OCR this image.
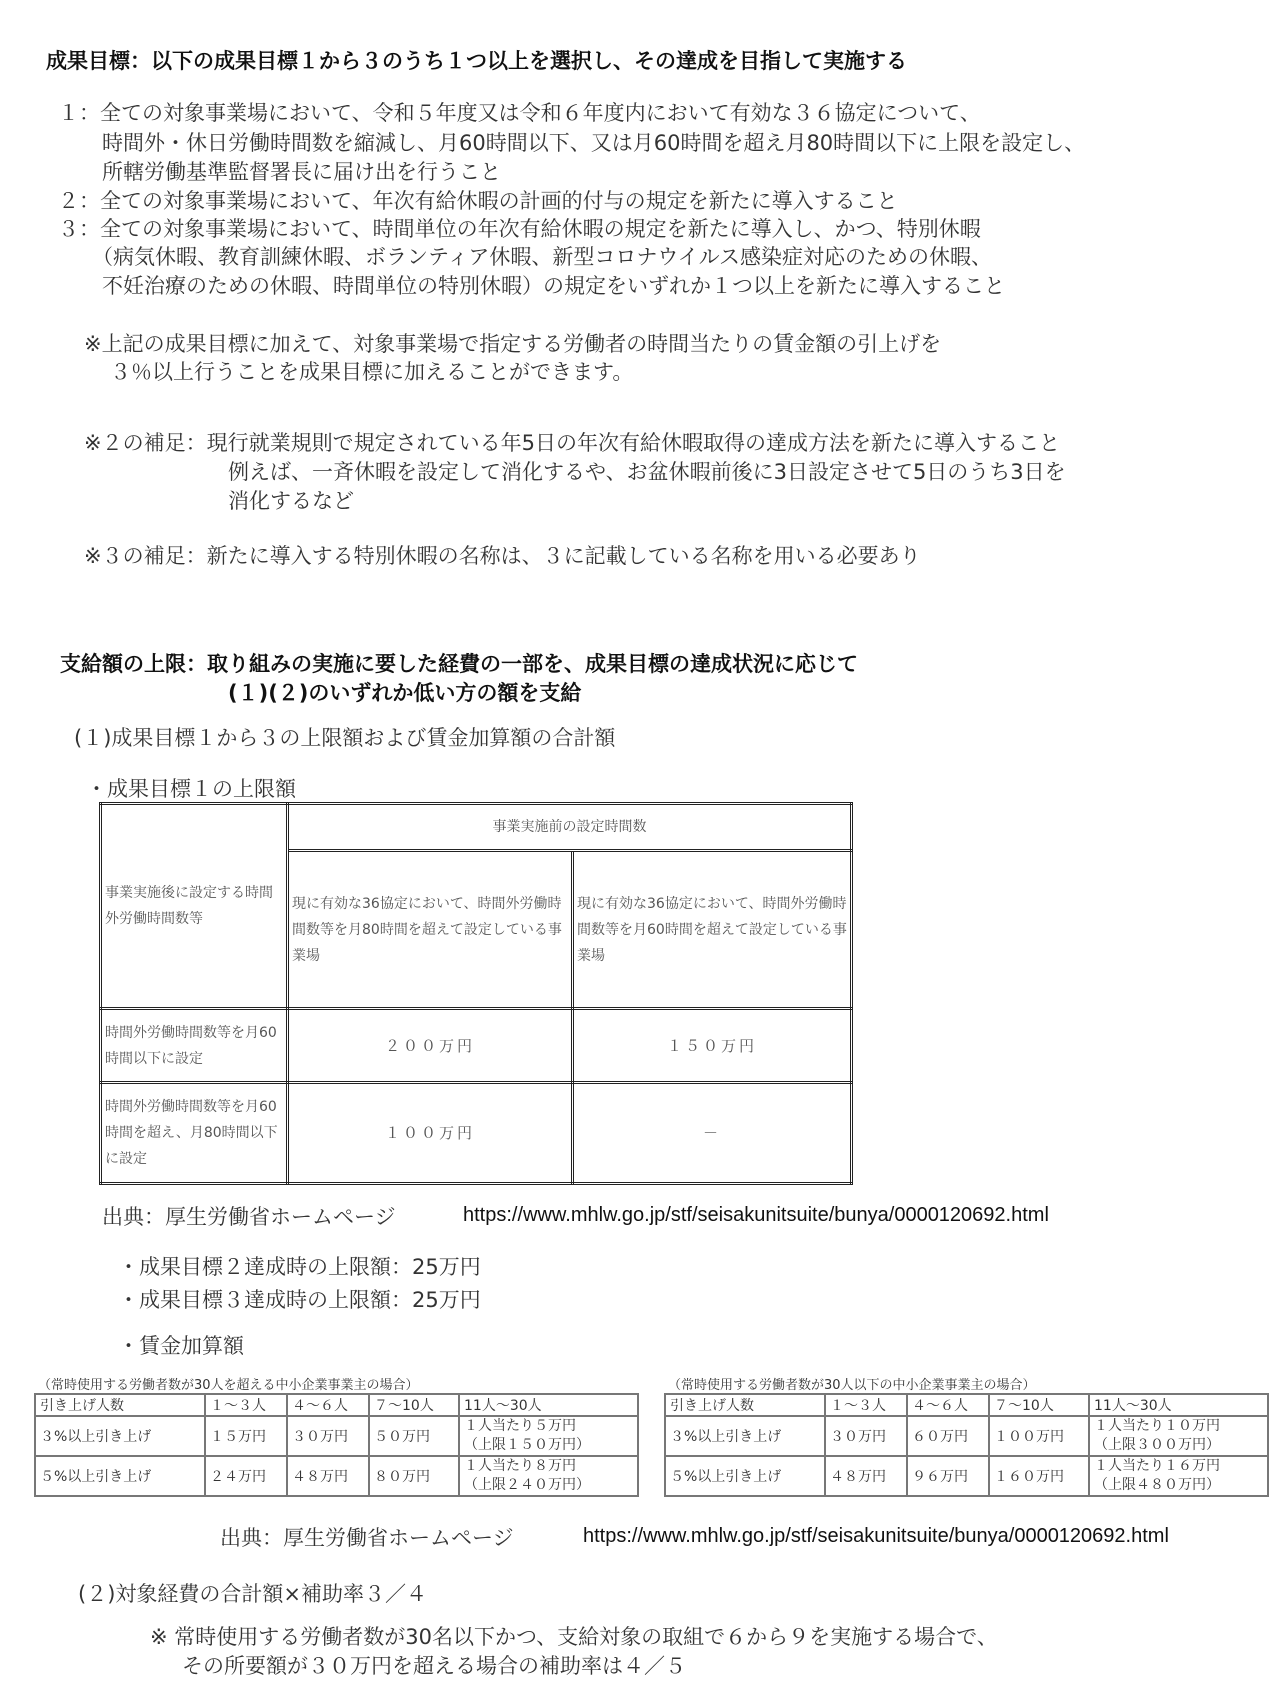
成果目標：以下の成果目標１から３のうち１つ以上を選択し、その達成を目指して実施する
１：全ての対象事業場において、令和５年度又は令和６年度内において有効な３６協定について、
時間外・休日労働時間数を縮減し、月60時間以下、又は月60時間を超え月80時間以下に上限を設定し、
所轄労働基準監督署長に届け出を行うこと
２：全ての対象事業場において、年次有給休暇の計画的付与の規定を新たに導入すること
３：全ての対象事業場において、時間単位の年次有給休暇の規定を新たに導入し、かつ、特別休暇
（病気休暇、教育訓練休暇、ボランティア休暇、新型コロナウイルス感染症対応のための休暇、
不妊治療のための休暇、時間単位の特別休暇）の規定をいずれか１つ以上を新たに導入すること
※上記の成果目標に加えて、対象事業場で指定する労働者の時間当たりの賃金額の引上げを
３％以上行うことを成果目標に加えることができます。
※２の補足：現行就業規則で規定されている年5日の年次有給休暇取得の達成方法を新たに導入すること
例えば、一斉休暇を設定して消化するや、お盆休暇前後に3日設定させて5日のうち3日を
消化するなど
※３の補足：新たに導入する特別休暇の名称は、３に記載している名称を用いる必要あり
支給額の上限：取り組みの実施に要した経費の一部を、成果目標の達成状況に応じて
(１)(２)のいずれか低い方の額を支給
(１)成果目標１から３の上限額および賃金加算額の合計額
・成果目標１の上限額
事業実施後に設定する時間外労働時間数等	事業実施前の設定時間数	
	現に有効な36協定において、時間外労働時間数等を月80時間を超えて設定している事業場	現に有効な36協定において、時間外労働時間数等を月60時間を超えて設定している事業場
時間外労働時間数等を月60時間以下に設定	２００万円	１５０万円
時間外労働時間数等を月60時間を超え、月80時間以下に設定	１００万円	－
出典：厚生労働省ホームページ	https://www.mhlw.go.jp/stf/seisakunitsuite/bunya/0000120692.html
・成果目標２達成時の上限額：25万円
・成果目標３達成時の上限額：25万円
・賃金加算額
（常時使用する労働者数が30人を超える中小企業事業主の場合）
引き上げ人数	１～３人	４～６人	７～10人	11人～30人
３%以上引き上げ	１５万円	３０万円	５０万円	１人当たり５万円
（上限１５０万円）

５%以上引き上げ	２４万円	４８万円	８０万円	１人当たり８万円
（上限２４０万円）
（常時使用する労働者数が30人以下の中小企業事業主の場合）
引き上げ人数	１～３人	４～６人	７～10人	11人～30人
３%以上引き上げ	３０万円	６０万円	１００万円	１人当たり１０万円
（上限３００万円）

５%以上引き上げ	４８万円	９６万円	１６０万円	１人当たり１６万円
（上限４８０万円）
出典：厚生労働省ホームページ	https://www.mhlw.go.jp/stf/seisakunitsuite/bunya/0000120692.html
(２)対象経費の合計額×補助率３／４
※ 常時使用する労働者数が30名以下かつ、支給対象の取組で６から９を実施する場合で、
その所要額が３０万円を超える場合の補助率は４／５
